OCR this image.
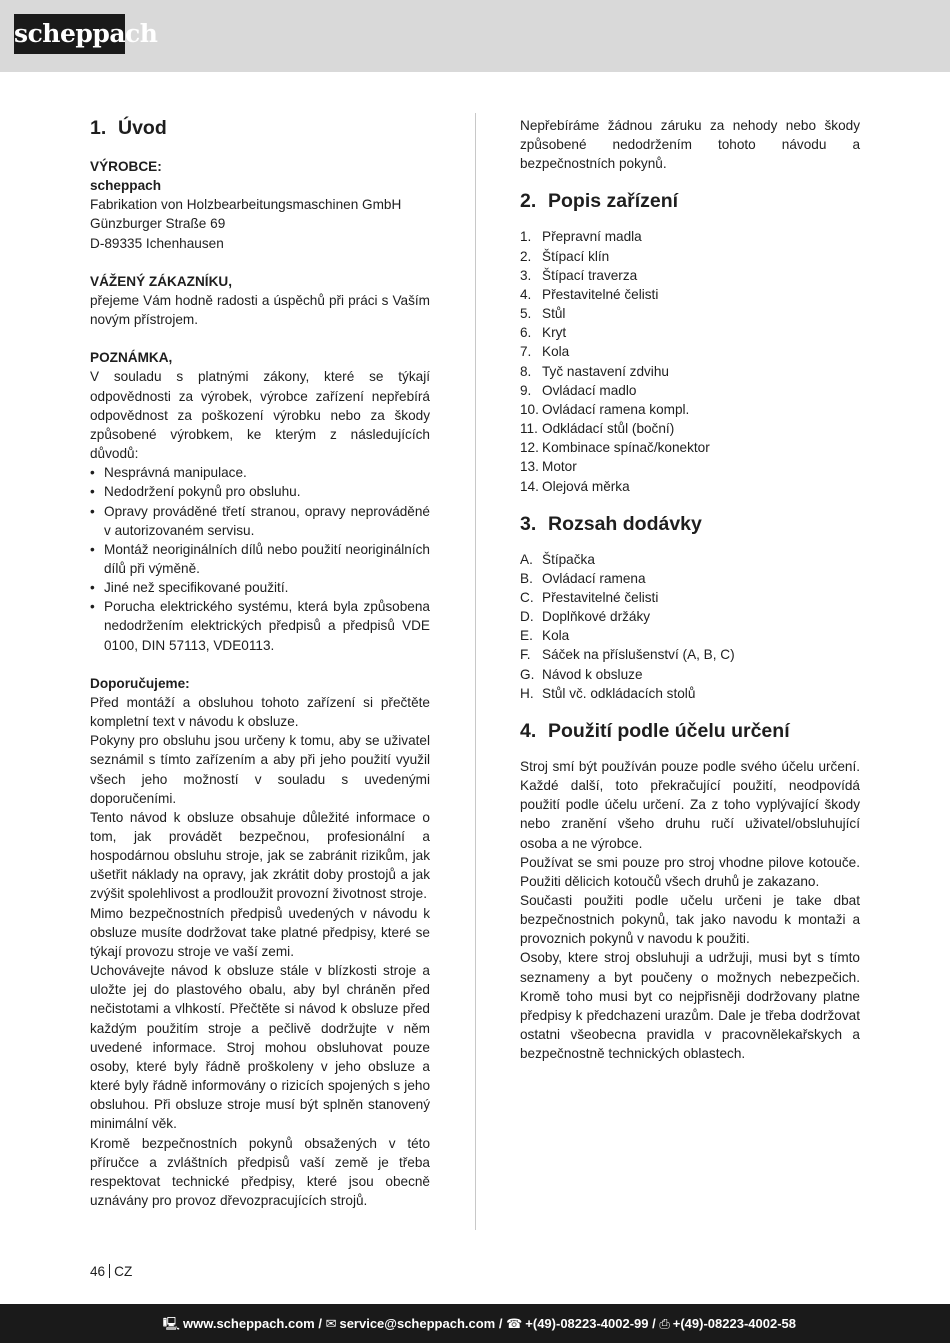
scheppach
1. Úvod
VÝROBCE:
scheppach
Fabrikation von Holzbearbeitungsmaschinen GmbH
Günzburger Straße 69
D-89335 Ichenhausen
VÁŽENÝ ZÁKAZNÍKU,

přejeme Vám hodně radosti a úspěchů při práci s Vaším novým přístrojem.

POZNÁMKA,

V souladu s platnými zákony, které se týkají odpovědnosti za výrobek, výrobce zařízení nepřebírá odpovědnost za poškození výrobku nebo za škody způsobené výrobkem, ke kterým z následujících důvodů:

• Nesprávná manipulace.
• Nedodržení pokynů pro obsluhu.
• Opravy prováděné třetí stranou, opravy neprováděné v autorizovaném servisu.
• Montáž neoriginálních dílů nebo použití neoriginálních dílů při výměně.
• Jiné než specifikované použití.
• Porucha elektrického systému, která byla způsobena nedodržením elektrických předpisů a předpisů VDE 0100, DIN 57113, VDE0113.
Doporučujeme:

Před montáží a obsluhou tohoto zařízení si přečtěte kompletní text v návodu k obsluze.

Pokyny pro obsluhu jsou určeny k tomu, aby se uživatel seznámil s tímto zařízením a aby při jeho použití využil všech jeho možností v souladu s uvedenými doporučeními.

Tento návod k obsluze obsahuje důležité informace o tom, jak provádět bezpečnou, profesionální a hospodárnou obsluhu stroje, jak se zabránit rizikům, jak ušetřit náklady na opravy, jak zkrátit doby prostojů a jak zvýšit spolehlivost a prodloužit provozní životnost stroje.

Mimo bezpečnostních předpisů uvedených v návodu k obsluze musíte dodržovat take platné předpisy, které se týkají provozu stroje ve vaší zemi.

Uchovávejte návod k obsluze stále v blízkosti stroje a uložte jej do plastového obalu, aby byl chráněn před nečistotami a vlhkostí. Přečtěte si návod k obsluze před každým použitím stroje a pečlivě dodržujte v něm uvedené informace. Stroj mohou obsluhovat pouze osoby, které byly řádně proškoleny v jeho obsluze a které byly řádně informovány o rizicích spojených s jeho obsluhou. Při obsluze stroje musí být splněn stanovený minimální věk.

Kromě bezpečnostních pokynů obsažených v této příručce a zvláštních předpisů vaší země je třeba respektovat technické předpisy, které jsou obecně uznávány pro provoz dřevozpracujících strojů.

Nepřebíráme žádnou záruku za nehody nebo škody způsobené nedodržením tohoto návodu a bezpečnostních pokynů.

2. Popis zařízení
1. Přepravní madla
2. Štípací klín
3. Štípací traverza
4. Přestavitelné čelisti
5. Stůl
6. Kryt
7. Kola
8. Tyč nastavení zdvihu
9. Ovládací madlo
10. Ovládací ramena kompl.
11. Odkládací stůl (boční)
12. Kombinace spínač/konektor
13. Motor
14. Olejová měrka
3. Rozsah dodávky
A. Štípačka
B. Ovládací ramena
C. Přestavitelné čelisti
D. Doplňkové držáky
E. Kola
F. Sáček na příslušenství (A, B, C)
G. Návod k obsluze
H. Stůl vč. odkládacích stolů
4. Použití podle účelu určení

Stroj smí být používán pouze podle svého účelu určení. Každé další, toto překračující použití, neodpovídá použití podle účelu určení. Za z toho vyplývající škody nebo zranění všeho druhu ručí uživatel/obsluhující osoba a ne výrobce.

Používat se smi pouze pro stroj vhodne pilove kotouče. Použiti dělicich kotoučů všech druhů je zakazano.

Současti použiti podle učelu určeni je take dbat bezpečnostnich pokynů, tak jako navodu k montaži a provoznich pokynů v navodu k použiti.

Osoby, ktere stroj obsluhuji a udržuji, musi byt s tímto seznameny a byt poučeny o možnych nebezpečich. Kromě toho musi byt co nejpřisněji dodržovany platne předpisy k předchazeni urazům. Dale je třeba dodržovat ostatni všeobecna pravidla v pracovnělekařskych a bezpečnostně technických oblastech.

46 CZ
🖳 www.scheppach.com / ✉ service@scheppach.com / ☎ +(49)-08223-4002-99 / ⎙ +(49)-08223-4002-58
